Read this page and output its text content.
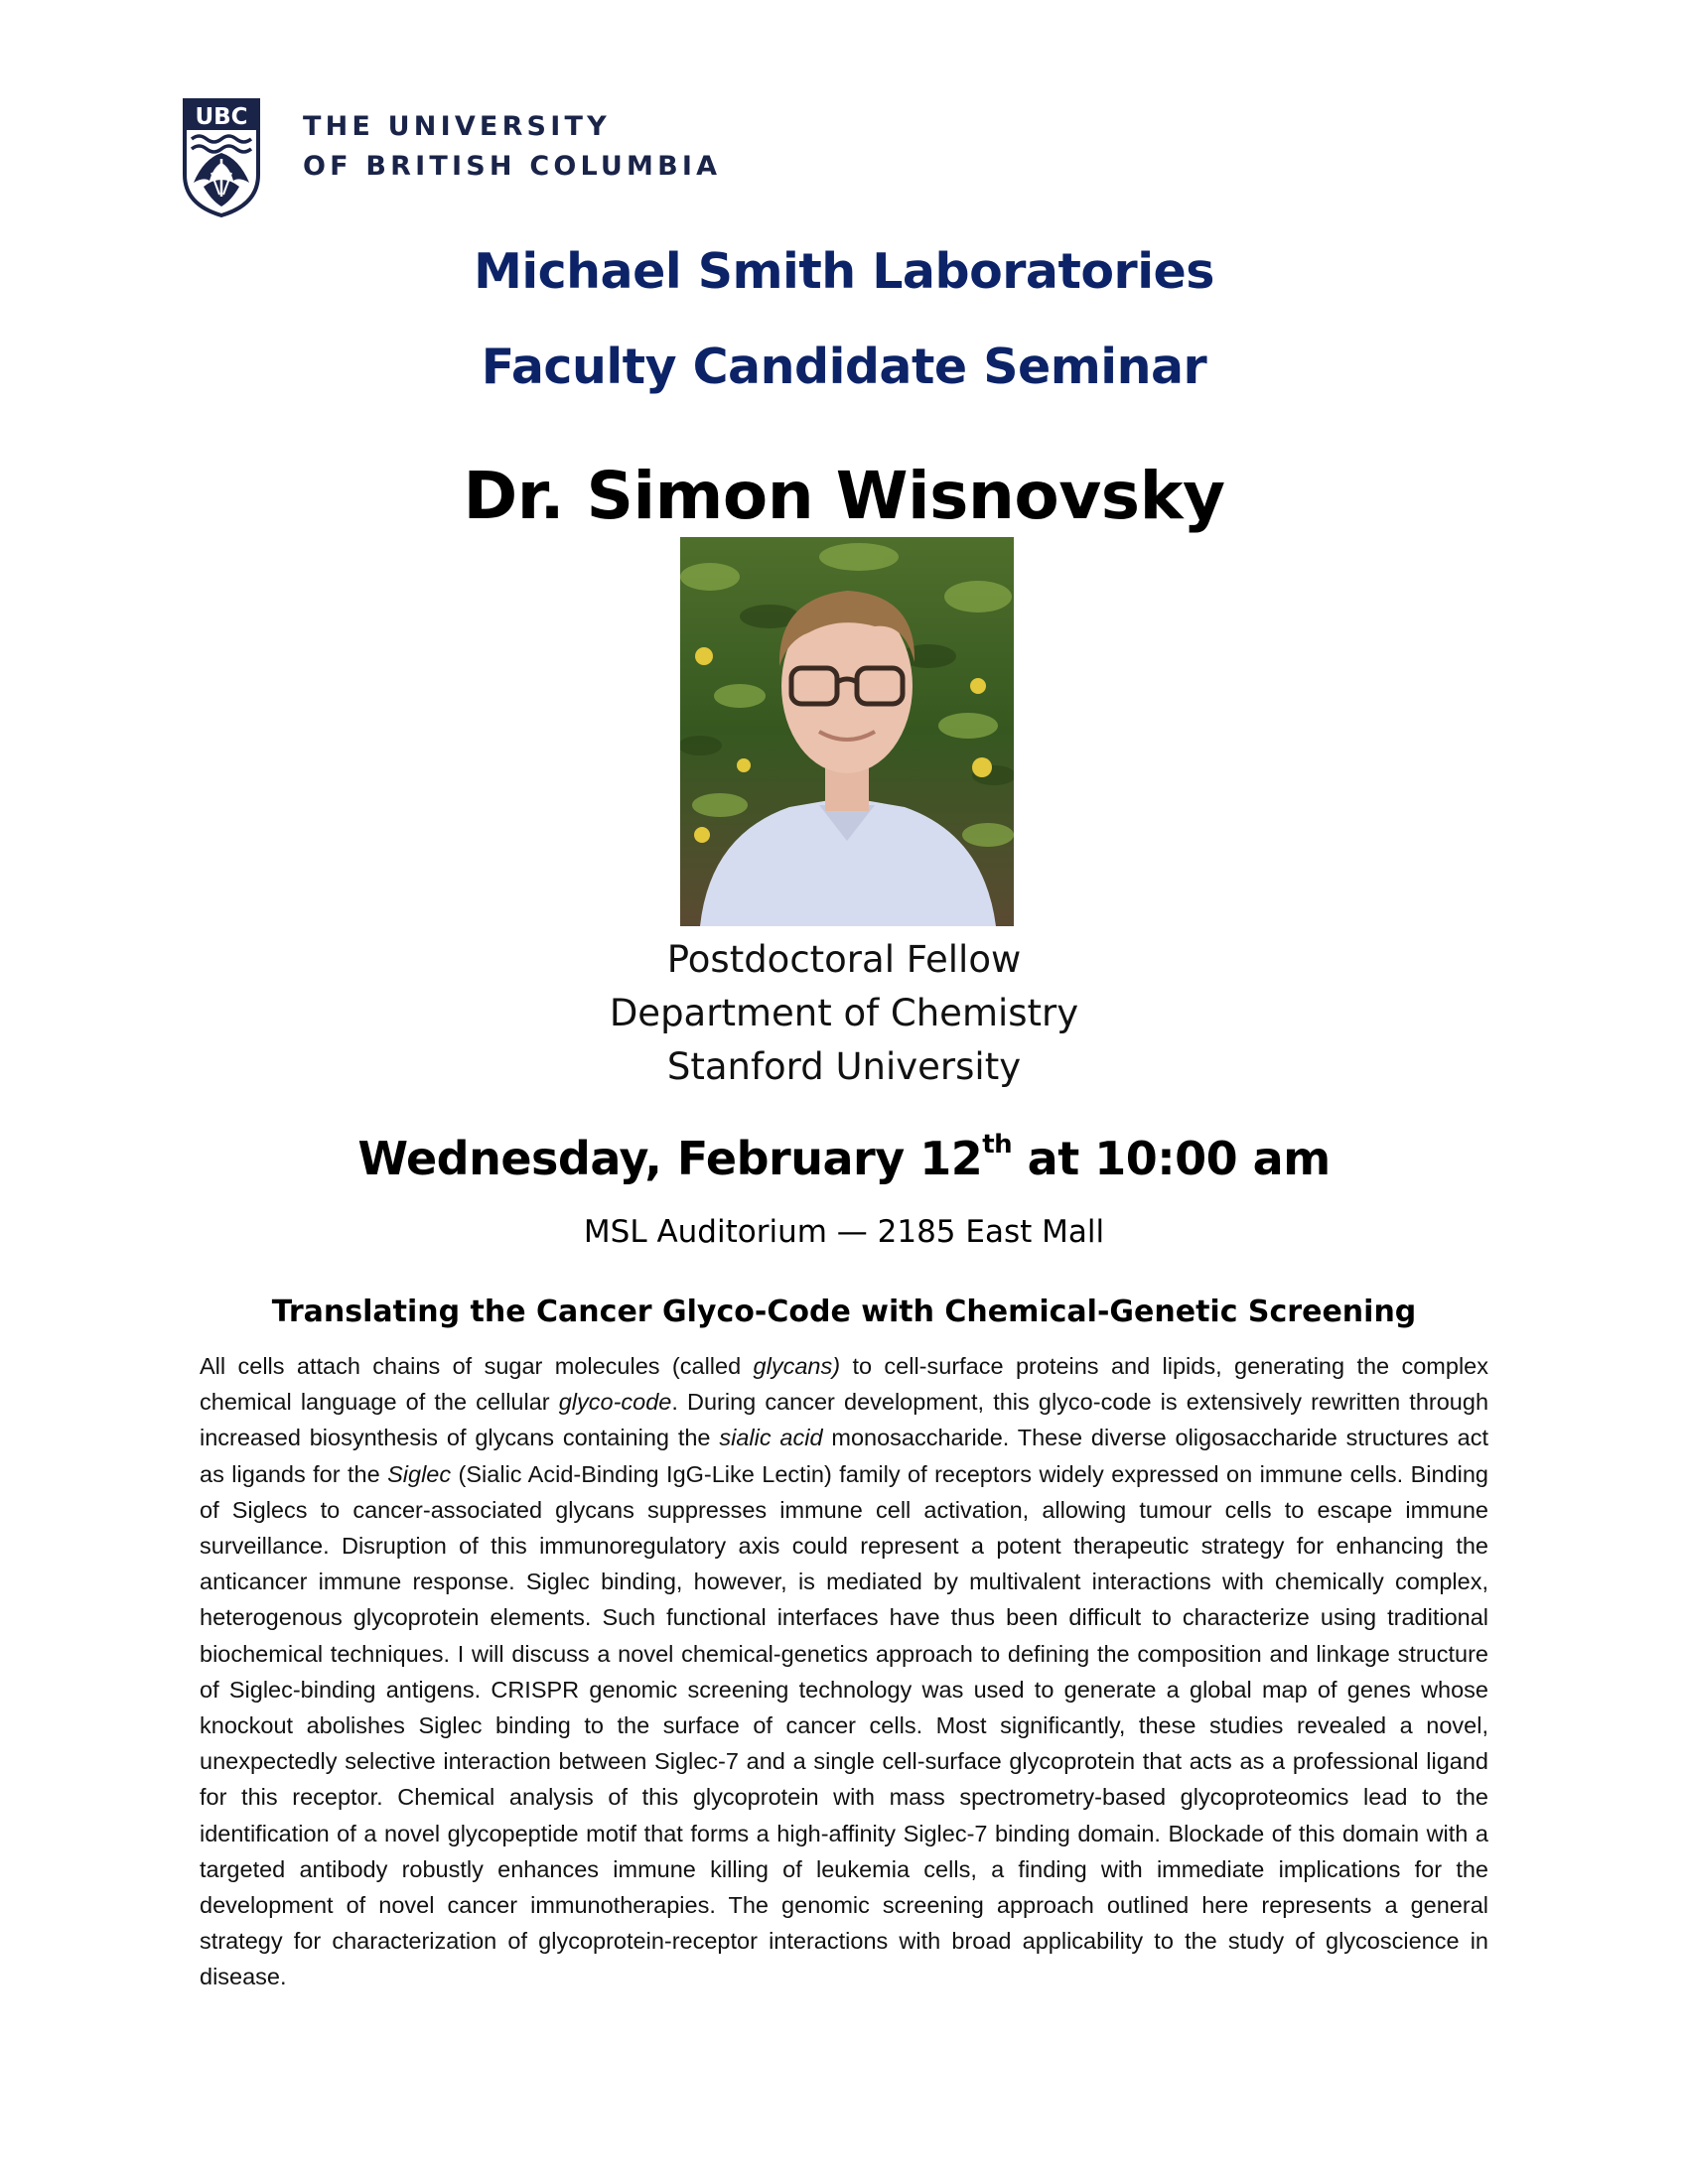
UBC THE UNIVERSITY
OF BRITISH COLUMBIA
Michael Smith Laboratories
Faculty Candidate Seminar
Dr. Simon Wisnovsky
Postdoctoral Fellow
Department of Chemistry
Stanford University
Wednesday, February 12th at 10:00 am
MSL Auditorium — 2185 East Mall
Translating the Cancer Glyco-Code with Chemical-Genetic Screening

All cells attach chains of sugar molecules (called glycans) to cell-surface proteins and lipids, generating the complex chemical language of the cellular glyco-code. During cancer development, this glyco-code is extensively rewritten through increased biosynthesis of glycans containing the sialic acid monosaccharide. These diverse oligosaccharide structures act as ligands for the Siglec (Sialic Acid-Binding IgG-Like Lectin) family of receptors widely expressed on immune cells. Binding of Siglecs to cancer-associated glycans suppresses immune cell activation, allowing tumour cells to escape immune surveillance. Disruption of this immunoregulatory axis could represent a potent therapeutic strategy for enhancing the anticancer immune response. Siglec binding, however, is mediated by multivalent interactions with chemically complex, heterogenous glycoprotein elements. Such functional interfaces have thus been difficult to characterize using traditional biochemical techniques. I will discuss a novel chemical-genetics approach to defining the composition and linkage structure of Siglec-binding antigens. CRISPR genomic screening technology was used to generate a global map of genes whose knockout abolishes Siglec binding to the surface of cancer cells. Most significantly, these studies revealed a novel, unexpectedly selective interaction between Siglec-7 and a single cell-surface glycoprotein that acts as a professional ligand for this receptor. Chemical analysis of this glycoprotein with mass spectrometry-based glycoproteomics lead to the identification of a novel glycopeptide motif that forms a high-affinity Siglec-7 binding domain. Blockade of this domain with a targeted antibody robustly enhances immune killing of leukemia cells, a finding with immediate implications for the development of novel cancer immunotherapies. The genomic screening approach outlined here represents a general strategy for characterization of glycoprotein-receptor interactions with broad applicability to the study of glycoscience in disease.
